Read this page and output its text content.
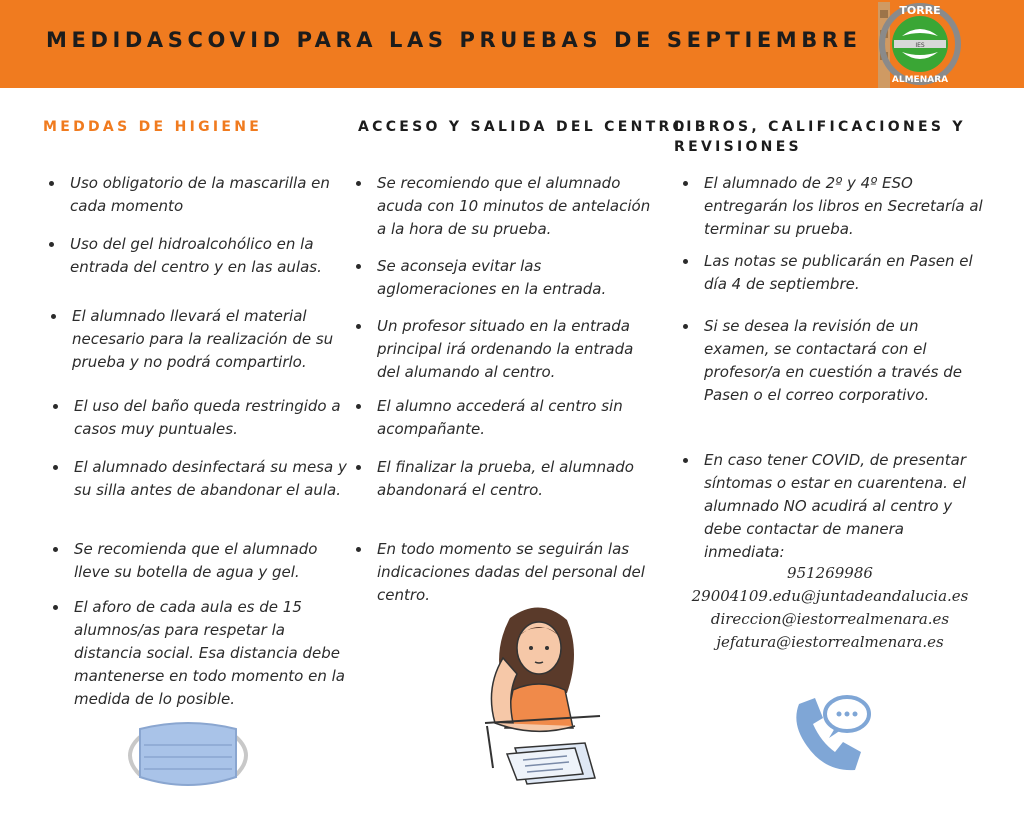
MEDIDASCOVID PARA LAS PRUEBAS DE SEPTIEMBRE
TORRE
ALMENARA
IES
MEDDAS DE HIGIENE	ACCESO Y SALIDA DEL CENTRO
LIBROS, CALIFICACIONES Y REVISIONES
Uso obligatorio de la mascarilla en cada momento
Uso del gel hidroalcohólico en la entrada del centro y en las aulas.
El alumnado llevará el material necesario para la realización de su prueba y no podrá compartirlo.
El uso del baño queda restringido a casos muy puntuales.
El alumnado desinfectará su mesa y su silla antes de abandonar el aula.
Se recomienda que el alumnado lleve su botella de agua y gel.
El aforo de cada aula es de 15 alumnos/as para respetar la distancia social. Esa distancia debe mantenerse en todo momento en la medida de lo posible.
Se recomiendo que el alumnado acuda con 10 minutos de antelación a la hora de su prueba.
Se aconseja evitar las aglomeraciones en la entrada.
Un profesor situado en la entrada principal irá ordenando la entrada del alumando al centro.
El alumno accederá al centro sin acompañante.
El finalizar la prueba, el alumnado abandonará el centro.
En todo momento se seguirán las indicaciones dadas del personal del centro.
El alumnado de 2º y 4º ESO entregarán los libros en Secretaría al terminar su prueba.
Las notas se publicarán en Pasen el día 4 de septiembre.
Si se desea la revisión de un examen, se contactará con el profesor/a en cuestión a través de Pasen o el correo corporativo.
En caso tener COVID, de presentar síntomas o estar en cuarentena. el alumnado NO acudirá al centro y debe contactar de manera inmediata:
951269986
29004109.edu@juntadeandalucia.es
direccion@iestorrealmenara.es
jefatura@iestorrealmenara.es
